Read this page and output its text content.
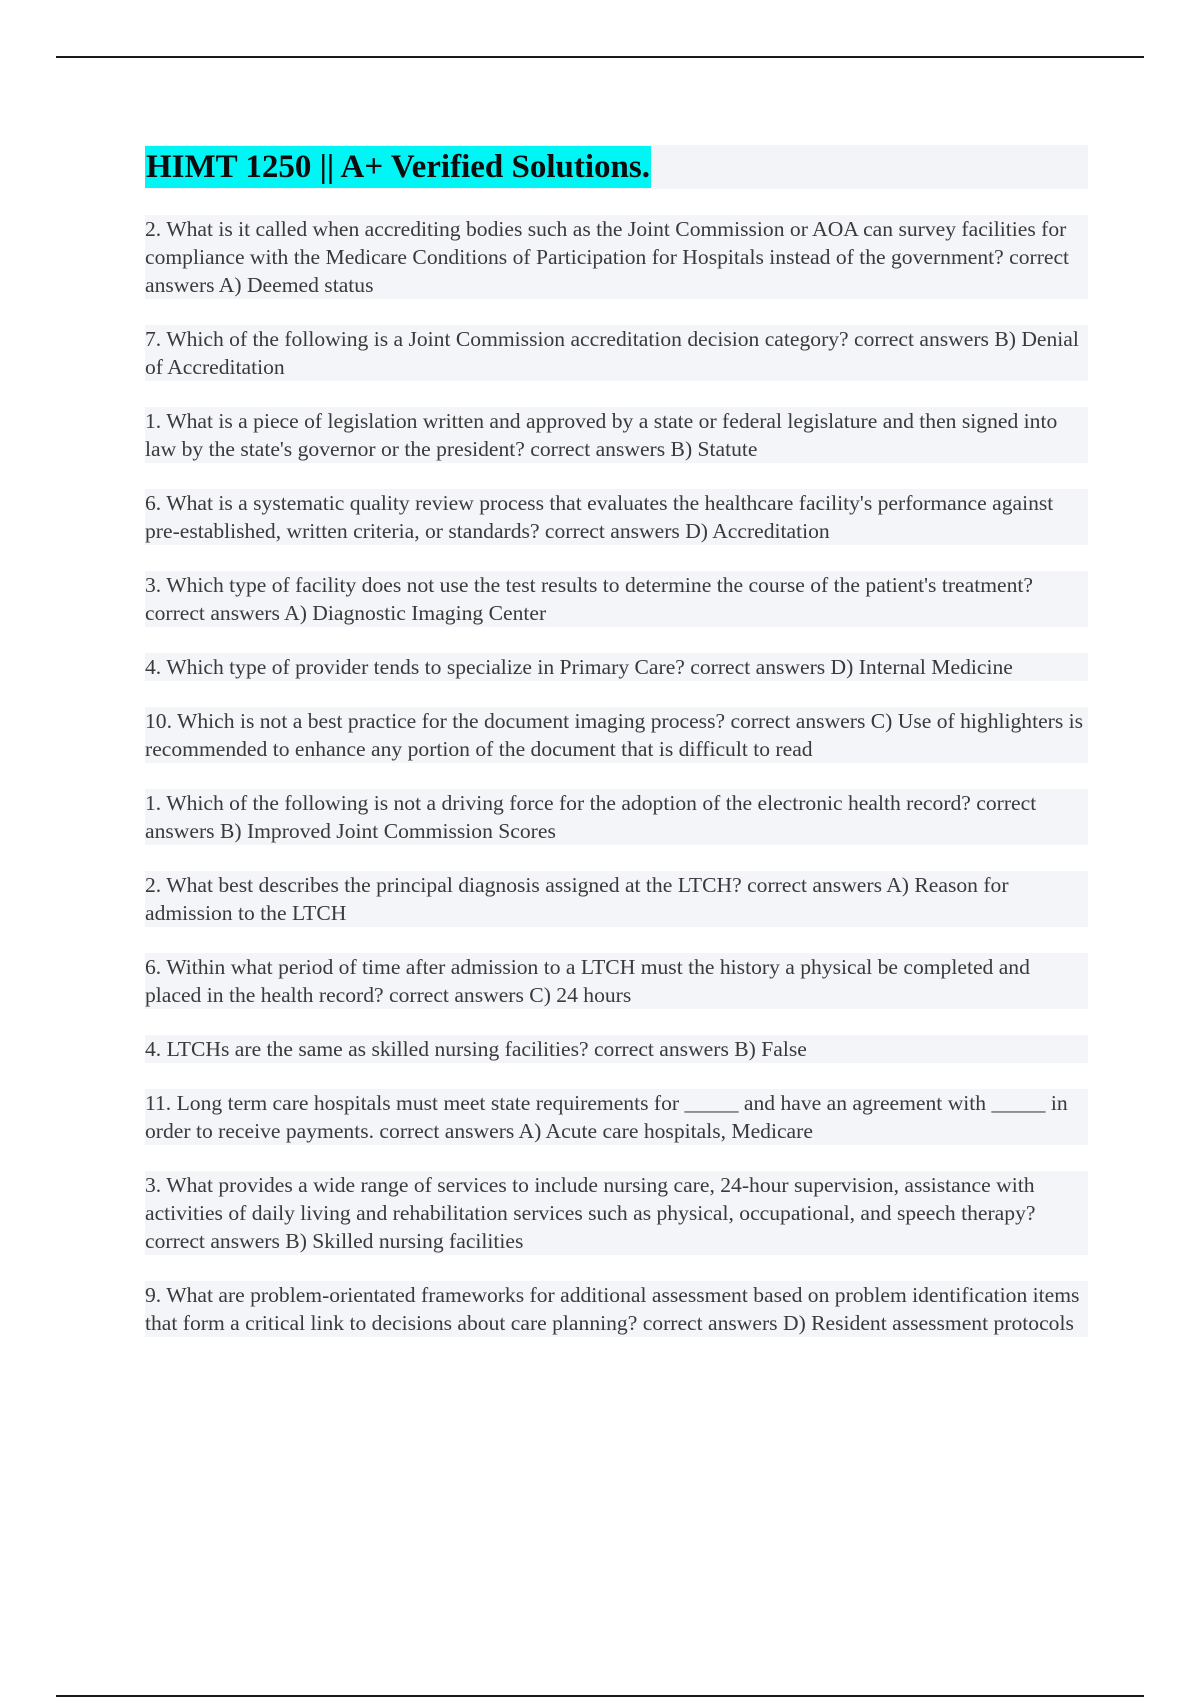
HIMT 1250 || A+ Verified Solutions.

2. What is it called when accrediting bodies such as the Joint Commission or AOA can survey facilities for compliance with the Medicare Conditions of Participation for Hospitals instead of the government? correct answers A) Deemed status

7. Which of the following is a Joint Commission accreditation decision category? correct answers B) Denial of Accreditation

1. What is a piece of legislation written and approved by a state or federal legislature and then signed into law by the state's governor or the president? correct answers B) Statute

6. What is a systematic quality review process that evaluates the healthcare facility's performance against pre-established, written criteria, or standards? correct answers D) Accreditation

3. Which type of facility does not use the test results to determine the course of the patient's treatment? correct answers A) Diagnostic Imaging Center

4. Which type of provider tends to specialize in Primary Care? correct answers D) Internal Medicine

10. Which is not a best practice for the document imaging process? correct answers C) Use of highlighters is recommended to enhance any portion of the document that is difficult to read

1. Which of the following is not a driving force for the adoption of the electronic health record? correct answers B) Improved Joint Commission Scores

2. What best describes the principal diagnosis assigned at the LTCH? correct answers A) Reason for admission to the LTCH

6. Within what period of time after admission to a LTCH must the history a physical be completed and placed in the health record? correct answers C) 24 hours

4. LTCHs are the same as skilled nursing facilities? correct answers B) False

11. Long term care hospitals must meet state requirements for _____ and have an agreement with _____ in order to receive payments. correct answers A) Acute care hospitals, Medicare

3. What provides a wide range of services to include nursing care, 24-hour supervision, assistance with activities of daily living and rehabilitation services such as physical, occupational, and speech therapy? correct answers B) Skilled nursing facilities

9. What are problem-orientated frameworks for additional assessment based on problem identification items that form a critical link to decisions about care planning? correct answers D) Resident assessment protocols
